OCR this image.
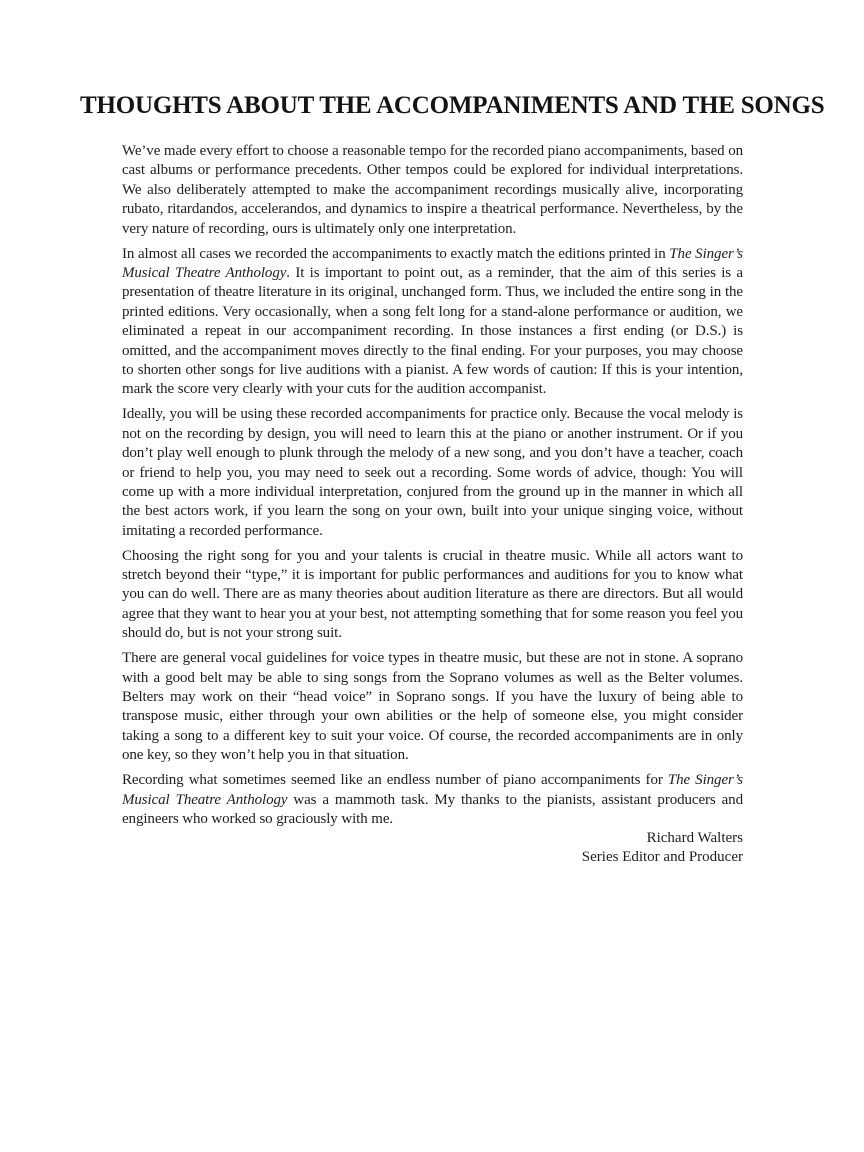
THOUGHTS ABOUT THE ACCOMPANIMENTS AND THE SONGS

We’ve made every effort to choose a reasonable tempo for the recorded piano accompaniments, based on cast albums or performance precedents. Other tempos could be explored for individual interpretations. We also deliberately attempted to make the accompaniment recordings musically alive, incorporating rubato, ritardandos, accelerandos, and dynamics to inspire a theatrical performance. Nevertheless, by the very nature of recording, ours is ultimately only one interpretation.

In almost all cases we recorded the accompaniments to exactly match the editions printed in The Singer’s Musical Theatre Anthology. It is important to point out, as a reminder, that the aim of this series is a presentation of theatre literature in its original, unchanged form. Thus, we included the entire song in the printed editions. Very occasionally, when a song felt long for a stand-alone performance or audition, we eliminated a repeat in our accompaniment recording. In those instances a first ending (or D.S.) is omitted, and the accompaniment moves directly to the final ending. For your purposes, you may choose to shorten other songs for live auditions with a pianist. A few words of caution: If this is your intention, mark the score very clearly with your cuts for the audition accompanist.

Ideally, you will be using these recorded accompaniments for practice only. Because the vocal melody is not on the recording by design, you will need to learn this at the piano or another instrument. Or if you don’t play well enough to plunk through the melody of a new song, and you don’t have a teacher, coach or friend to help you, you may need to seek out a recording. Some words of advice, though: You will come up with a more individual interpretation, conjured from the ground up in the manner in which all the best actors work, if you learn the song on your own, built into your unique singing voice, without imitating a recorded performance.

Choosing the right song for you and your talents is crucial in theatre music. While all actors want to stretch beyond their “type,” it is important for public performances and auditions for you to know what you can do well. There are as many theories about audition literature as there are directors. But all would agree that they want to hear you at your best, not attempting something that for some reason you feel you should do, but is not your strong suit.

There are general vocal guidelines for voice types in theatre music, but these are not in stone. A soprano with a good belt may be able to sing songs from the Soprano volumes as well as the Belter volumes. Belters may work on their “head voice” in Soprano songs. If you have the luxury of being able to transpose music, either through your own abilities or the help of someone else, you might consider taking a song to a different key to suit your voice. Of course, the recorded accompaniments are in only one key, so they won’t help you in that situation.

Recording what sometimes seemed like an endless number of piano accompaniments for The Singer’s Musical Theatre Anthology was a mammoth task. My thanks to the pianists, assistant producers and engineers who worked so graciously with me.

Richard Walters
Series Editor and Producer
